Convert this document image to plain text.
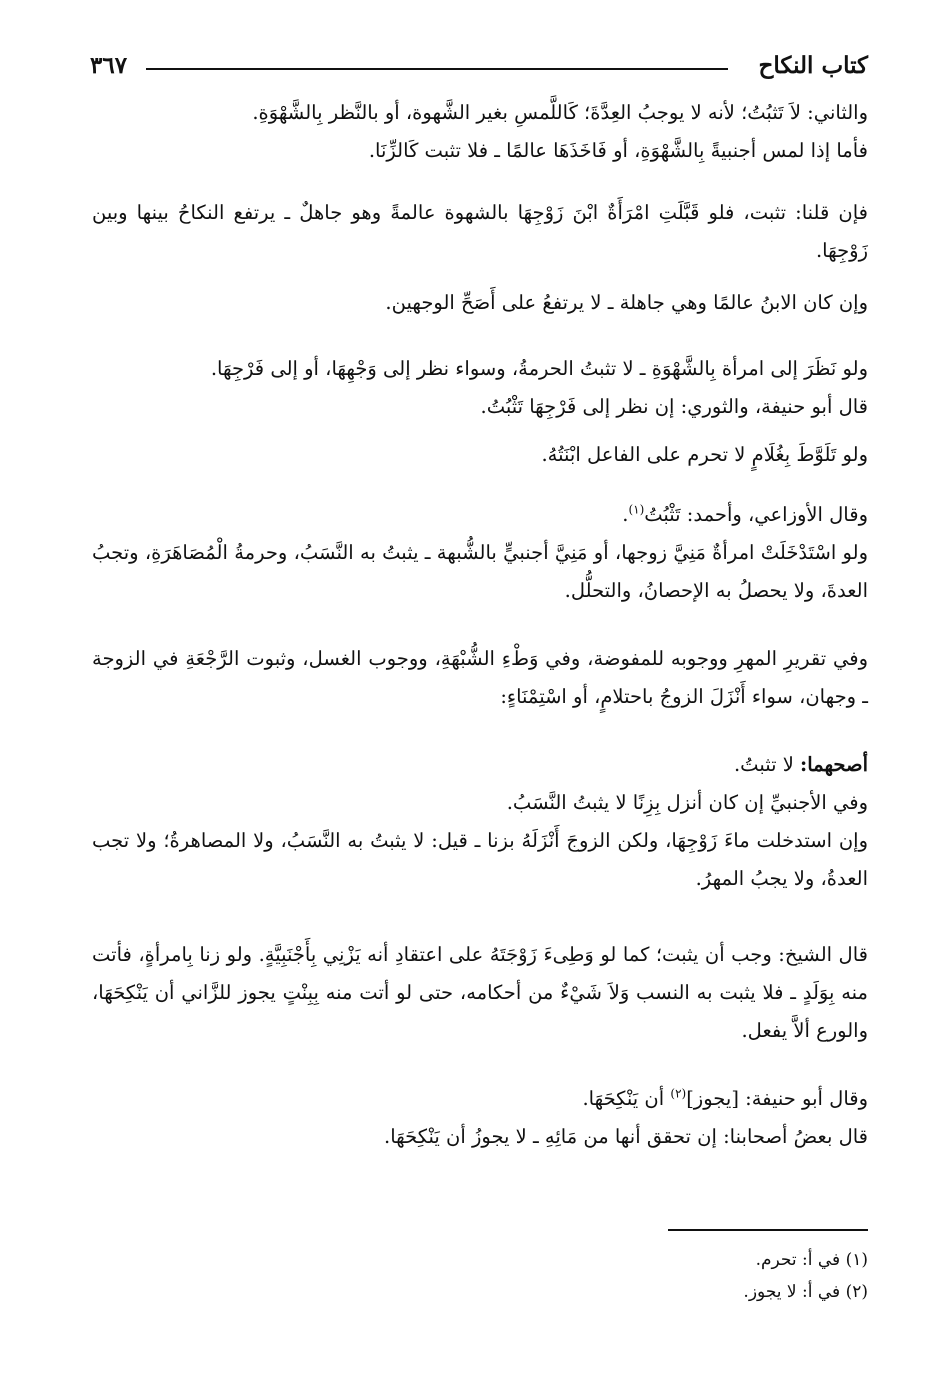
كتاب النكاح
٣٦٧

والثاني: لاَ تَثبُتُ؛ لأنه لا يوجبُ العِدَّةَ؛ كَاللَّمسِ بغير الشَّهوة، أو بالنَّظر بِالشَّهْوَةِ.

فأما إذا لمس أجنبيةً بِالشَّهْوَةِ، أو فَاخَذَهَا عالمًا ـ فلا تثبت كَالزِّنَا.

فإن قلنا: تثبت، فلو قَبَّلَتِ امْرَأَةٌ ابْنَ زَوْجِهَا بالشهوة عالمةً وهو جاهلٌ ـ يرتفع النكاحُ بينها وبين زَوْجِهَا.

وإن كان الابنُ عالمًا وهي جاهلة ـ لا يرتفعُ على أَصَحِّ الوجهين.

ولو نَظَرَ إلى امرأة بِالشَّهْوَةِ ـ لا تثبتُ الحرمةُ، وسواء نظر إلى وَجْهِهَا، أو إلى فَرْجِهَا.

قال أبو حنيفة، والثوري: إن نظر إلى فَرْجِهَا تَثْبُتُ.

ولو تَلَوَّطَ بِغُلَامٍ لا تحرم على الفاعل ابْنَتُهُ.

وقال الأوزاعي، وأحمد: تَثْبُتُ$^{(١)}$.

ولو اسْتَدْخَلَتْ امرأةٌ مَنِيَّ زوجها، أو مَنِيَّ أجنبيٍّ بالشُّبهة ـ يثبتُ به النَّسَبُ، وحرمةُ الْمُصَاهَرَةِ، وتجبُ العدةَ، ولا يحصلُ به الإحصانُ، والتحلُّل.

وفي تقريرِ المهرِ ووجوبه للمفوضة، وفي وَطْءِ الشُّبْهَةِ، ووجوب الغسل، وثبوت الرَّجْعَةِ في الزوجة ـ وجهان، سواء أَنْزَلَ الزوجُ باحتلامٍ، أو اسْتِمْنَاءٍ:

أصحهما: لا تثبتُ.

وفي الأجنبيِّ إن كان أنزل بِزِنًا لا يثبتُ النَّسَبُ.

وإن استدخلت ماءَ زَوْجِهَا، ولكن الزوجَ أَنْزَلَهُ بزنا ـ قيل: لا يثبتُ به النَّسَبُ، ولا المصاهرةُ؛ ولا تجب العدةُ، ولا يجبُ المهرُ.

قال الشيخ: وجب أن يثبت؛ كما لو وَطِىءَ زَوْجَتَهُ على اعتقادِ أنه يَزْنِي بِأَجْنَبِيَّةٍ. ولو زنا بِامرأةٍ، فأتت منه بِوَلَدٍ ـ فلا يثبت به النسب وَلاَ شَيْءٌ من أحكامه، حتى لو أتت منه بِبِنْتٍ يجوز للزَّاني أن يَنْكِحَهَا، والورع ألاَّ يفعل.

وقال أبو حنيفة: [يجوز]$^{(٢)}$ أن يَنْكِحَهَا.

قال بعضُ أصحابنا: إن تحقق أنها من مَائِهِ ـ لا يجوزُ أن يَنْكِحَهَا.

(١) في أ: تحرم.

(٢) في أ: لا يجوز.
